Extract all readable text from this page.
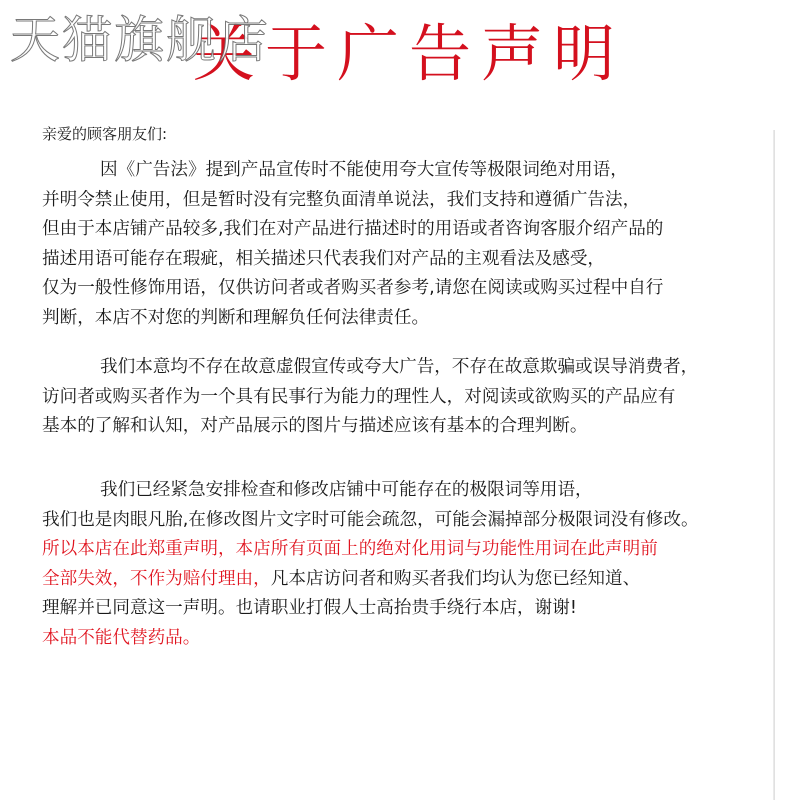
关于广告声明
天猫旗舰店
亲爱的顾客朋友们:
因《广告法》提到产品宣传时不能使用夸大宣传等极限词绝对用语，
并明令禁止使用，但是暂时没有完整负面清单说法，我们支持和遵循广告法，
但由于本店铺产品较多,我们在对产品进行描述时的用语或者咨询客服介绍产品的
描述用语可能存在瑕疵，相关描述只代表我们对产品的主观看法及感受，
仅为一般性修饰用语，仅供访问者或者购买者参考,请您在阅读或购买过程中自行
判断，本店不对您的判断和理解负任何法律责任。
我们本意均不存在故意虚假宣传或夸大广告，不存在故意欺骗或误导消费者，
访问者或购买者作为一个具有民事行为能力的理性人，对阅读或欲购买的产品应有
基本的了解和认知，对产品展示的图片与描述应该有基本的合理判断。
我们已经紧急安排检查和修改店铺中可能存在的极限词等用语，
我们也是肉眼凡胎,在修改图片文字时可能会疏忽，可能会漏掉部分极限词没有修改。
所以本店在此郑重声明，本店所有页面上的绝对化用词与功能性用词在此声明前
全部失效，不作为赔付理由，凡本店访问者和购买者我们均认为您已经知道、
理解并已同意这一声明。也请职业打假人士高抬贵手绕行本店，谢谢!
本品不能代替药品。
